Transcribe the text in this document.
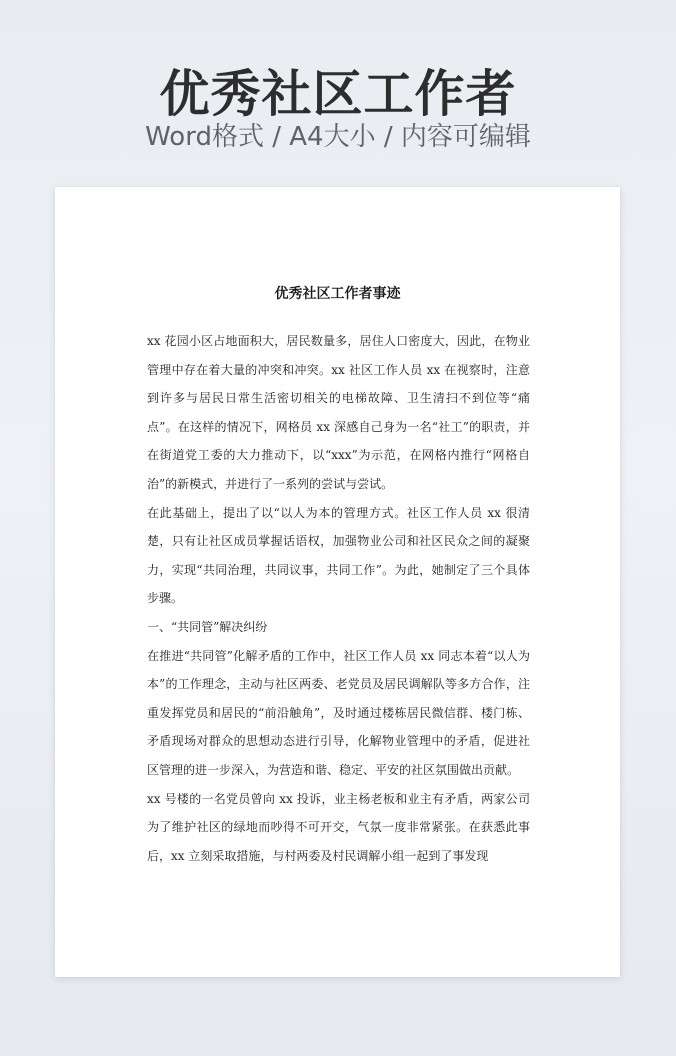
优秀社区工作者
Word格式 / A4大小 / 内容可编辑
优秀社区工作者事迹

xx 花园小区占地面积大，居民数量多，居住人口密度大，因此，在物业管理中存在着大量的冲突和冲突。xx 社区工作人员 xx 在视察时，注意到许多与居民日常生活密切相关的电梯故障、卫生清扫不到位等“痛点”。在这样的情况下，网格员 xx 深感自己身为一名“社工”的职责，并在街道党工委的大力推动下，以“xxx”为示范，在网格内推行“网格自治”的新模式，并进行了一系列的尝试与尝试。

在此基础上，提出了以“以人为本的管理方式。社区工作人员 xx 很清楚，只有让社区成员掌握话语权，加强物业公司和社区民众之间的凝聚力，实现“共同治理，共同议事，共同工作”。为此，她制定了三个具体步骤。

一、“共同管”解决纠纷

在推进“共同管”化解矛盾的工作中，社区工作人员 xx 同志本着“以人为本”的工作理念，主动与社区两委、老党员及居民调解队等多方合作，注重发挥党员和居民的“前沿触角”，及时通过楼栋居民微信群、楼门栋、矛盾现场对群众的思想动态进行引导，化解物业管理中的矛盾，促进社区管理的进一步深入，为营造和谐、稳定、平安的社区氛围做出贡献。

xx 号楼的一名党员曾向 xx 投诉，业主杨老板和业主有矛盾，两家公司为了维护社区的绿地而吵得不可开交，气氛一度非常紧张。在获悉此事后，xx 立刻采取措施，与村两委及村民调解小组一起到了事发现
